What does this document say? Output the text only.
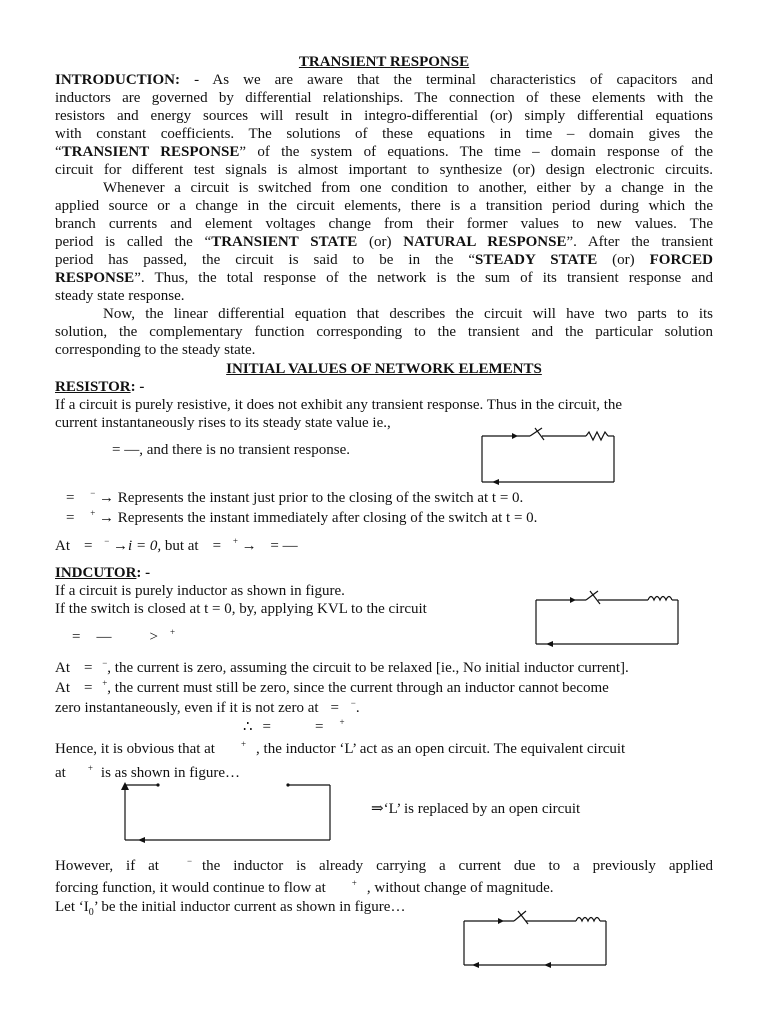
TRANSIENT RESPONSE
INTRODUCTION: - As we are aware that the terminal characteristics of capacitors and
inductors are governed by differential relationships. The connection of these elements with the
resistors and energy sources will result in integro-differential (or) simply differential equations
with constant coefficients. The solutions of these equations in time – domain gives the
“TRANSIENT RESPONSE” of the system of equations. The time – domain response of the
circuit for different test signals is almost important to synthesize (or) design electronic circuits.
Whenever a circuit is switched from one condition to another, either by a change in the
applied source or a change in the circuit elements, there is a transition period during which the
branch currents and element voltages change from their former values to new values. The
period is called the “TRANSIENT STATE (or) NATURAL RESPONSE”. After the transient
period has passed, the circuit is said to be in the “STEADY STATE (or) FORCED
RESPONSE”. Thus, the total response of the network is the sum of its transient response and
steady state response.
Now, the linear differential equation that describes the circuit will have two parts to its
solution, the complementary function corresponding to the transient and the particular solution
corresponding to the steady state.
INITIAL VALUES OF NETWORK ELEMENTS
RESISTOR: -
If a circuit is purely resistive, it does not exhibit any transient response. Thus in the circuit, the
current instantaneously rises to its steady state value ie.,
= —, and there is no transient response.
= − → Represents the instant just prior to the closing of the switch at t = 0.
= + → Represents the instant immediately after closing of the switch at t = 0.
At = − →i = 0, but at = + → = —
INDCUTOR: -
If a circuit is purely inductor as shown in figure.
If the switch is closed at t = 0, by, applying KVL to the circuit
= —	> +
At = −, the current is zero, assuming the circuit to be relaxed [ie., No initial inductor current].
At = +, the current must still be zero, since the current through an inductor cannot become
zero instantaneously, even if it is not zero at = −.
∴ =	= +
Hence, it is obvious that at	+ , the inductor ‘L’ act as an open circuit. The equivalent circuit
at + is as shown in figure…
⇒‘L’ is replaced by an open circuit
However, if at	− the inductor is already carrying a current due to a previously applied
forcing function, it would continue to flow at	+ , without change of magnitude.
Let ‘$I_0$’ be the initial inductor current as shown in figure…
